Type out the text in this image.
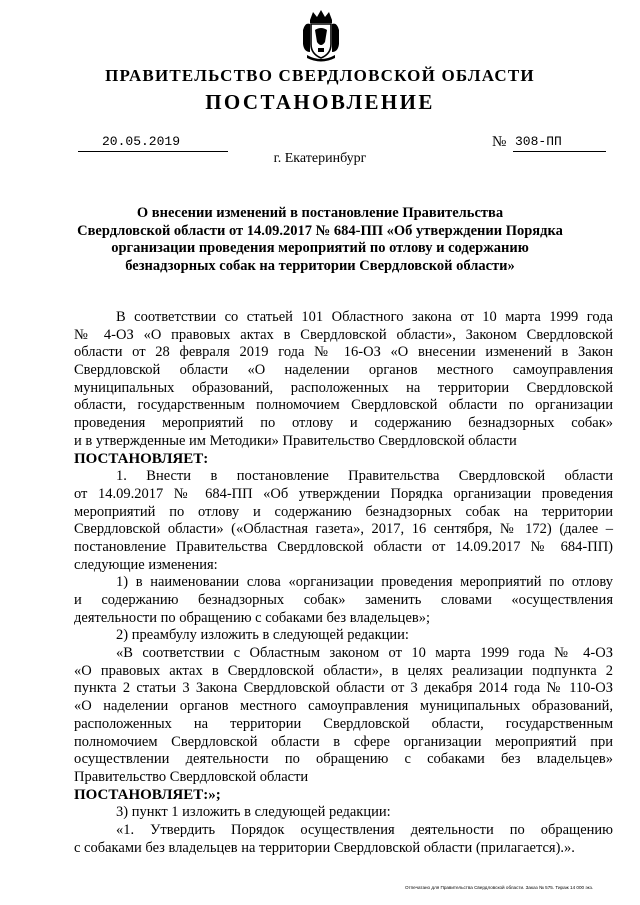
ПРАВИТЕЛЬСТВО СВЕРДЛОВСКОЙ ОБЛАСТИ
ПОСТАНОВЛЕНИЕ
20.05.2019	№ 308-ПП
г. Екатеринбург
О внесении изменений в постановление Правительства
Свердловской области от 14.09.2017 № 684-ПП «Об утверждении Порядка
организации проведения мероприятий по отлову и содержанию
безнадзорных собак на территории Свердловской области»
В соответствии со статьей 101 Областного закона от 10 марта 1999 года
№ 4-ОЗ «О правовых актах в Свердловской области», Законом Свердловской
области от 28 февраля 2019 года № 16-ОЗ «О внесении изменений в Закон
Свердловской области «О наделении органов местного самоуправления
муниципальных образований, расположенных на территории Свердловской
области, государственным полномочием Свердловской области по организации
проведения мероприятий по отлову и содержанию безнадзорных собак»
и в утвержденные им Методики» Правительство Свердловской области
ПОСТАНОВЛЯЕТ:
1. Внести в постановление Правительства Свердловской области
от 14.09.2017 № 684-ПП «Об утверждении Порядка организации проведения
мероприятий по отлову и содержанию безнадзорных собак на территории
Свердловской области» («Областная газета», 2017, 16 сентября, № 172) (далее –
постановление Правительства Свердловской области от 14.09.2017 № 684-ПП)
следующие изменения:
1) в наименовании слова «организации проведения мероприятий по отлову
и содержанию безнадзорных собак» заменить словами «осуществления
деятельности по обращению с собаками без владельцев»;
2) преамбулу изложить в следующей редакции:
«В соответствии с Областным законом от 10 марта 1999 года № 4-ОЗ
«О правовых актах в Свердловской области», в целях реализации подпункта 2
пункта 2 статьи 3 Закона Свердловской области от 3 декабря 2014 года № 110-ОЗ
«О наделении органов местного самоуправления муниципальных образований,
расположенных на территории Свердловской области, государственным
полномочием Свердловской области в сфере организации мероприятий при
осуществлении деятельности по обращению с собаками без владельцев»
Правительство Свердловской области
ПОСТАНОВЛЯЕТ:»;
3) пункт 1 изложить в следующей редакции:
«1. Утвердить Порядок осуществления деятельности по обращению
с собаками без владельцев на территории Свердловской области (прилагается).».
Отпечатано для Правительства Свердловской области. Заказ № 575. Тираж 14 000 экз.
